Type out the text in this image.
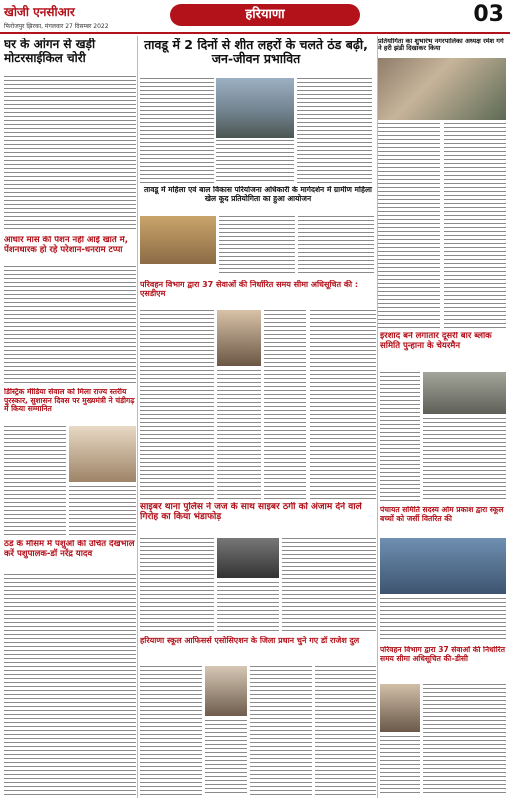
खोजी एनसीआर
फिरोजपुर झिरका, मंगलवार 27 दिसम्बर 2022
हरियाणा	03
घर के आंगन से खड़ी मोटरसाईकिल चोरी
तावडू में 2 दिनों से शीत लहरों के चलते ठंड बढ़ी, जन-जीवन प्रभावित
प्रतियोगिता का शुभारंभ नगरपालिका अध्यक्ष रमेश गर्ग ने हरी झंडी दिखाकर किया
तावडू में महिला एवं बाल विकास परियोजना अधिकारी के मार्गदर्शन में ग्रामीण महिला खेल कूद प्रतियोगिता का हुआ आयोजन
आधार मास की पेंशन नहीं आई खाते में, पेंशनधारक हो रहे परेशान-धनराम टप्पा
परिवहन विभाग द्वारा 37 सेवाओं की निर्धारित समय सीमा अधिसूचित की : एसडीएम
इरशाद बने लगातार दूसरी बार ब्लॉक समिति पुन्हाना के चेयरमैन
डिस्ट्रिक मीडिया सेवाल को मिला राज्य स्तरीय पुरस्कार, सुशासन दिवस पर मुख्यमंत्री ने चंडीगढ़ में किया सम्मानित
साइबर थाना पुलिस ने जज के साथ साइबर ठगी को अंजाम देने वाले गिरोह का किया भंडाफोड़
पंचायत समिति सदस्य ओम प्रकाश द्वारा स्कूल बच्चों को जर्सी वितरित की
ठंड के मौसम में पशुओं की उचित देखभाल करें पशुपालक-डॉ नरेंद्र यादव
हरियाणा स्कूल आफिसर्स एसोसिएशन के जिला प्रधान चुने गए डॉ राजेश दुल
परिवहन विभाग द्वारा 37 सेवाओं की निर्धारित समय सीमा अधिसूचित की–डीसी
